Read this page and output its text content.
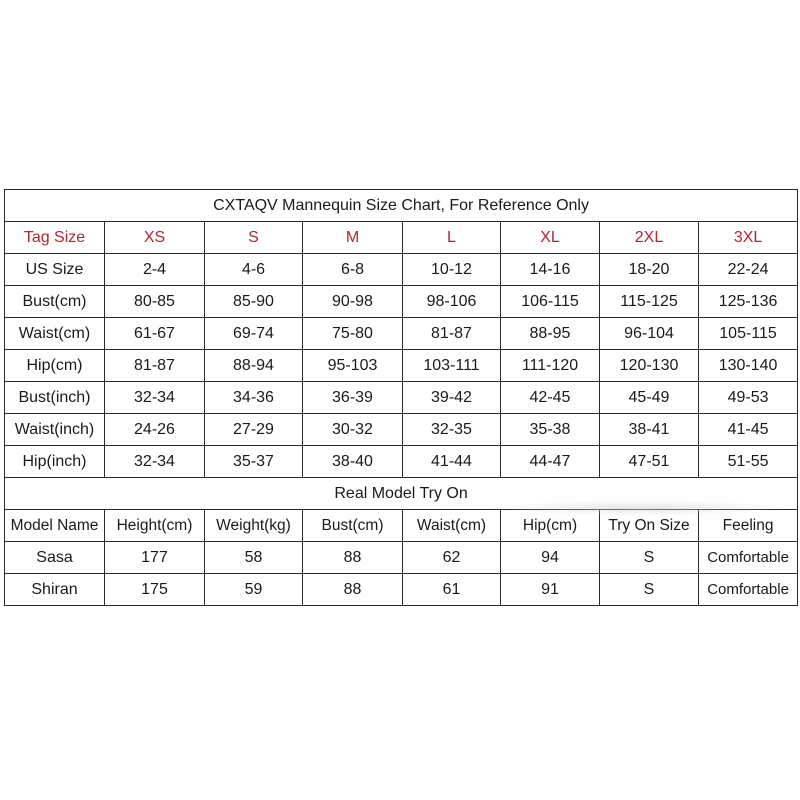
CXTAQV Mannequin Size Chart, For Reference Only							
Tag Size	XS	S	M	L	XL	2XL	3XL
US Size	2-4	4-6	6-8	10-12	14-16	18-20	22-24
Bust(cm)	80-85	85-90	90-98	98-106	106-115	115-125	125-136
Waist(cm)	61-67	69-74	75-80	81-87	88-95	96-104	105-115
Hip(cm)	81-87	88-94	95-103	103-111	111-120	120-130	130-140
Bust(inch)	32-34	34-36	36-39	39-42	42-45	45-49	49-53
Waist(inch)	24-26	27-29	30-32	32-35	35-38	38-41	41-45
Hip(inch)	32-34	35-37	38-40	41-44	44-47	47-51	51-55
Real Model Try On							
Model Name	Height(cm)	Weight(kg)	Bust(cm)	Waist(cm)	Hip(cm)	Try On Size	Feeling
Sasa	177	58	88	62	94	S	Comfortable
Shiran	175	59	88	61	91	S	Comfortable
